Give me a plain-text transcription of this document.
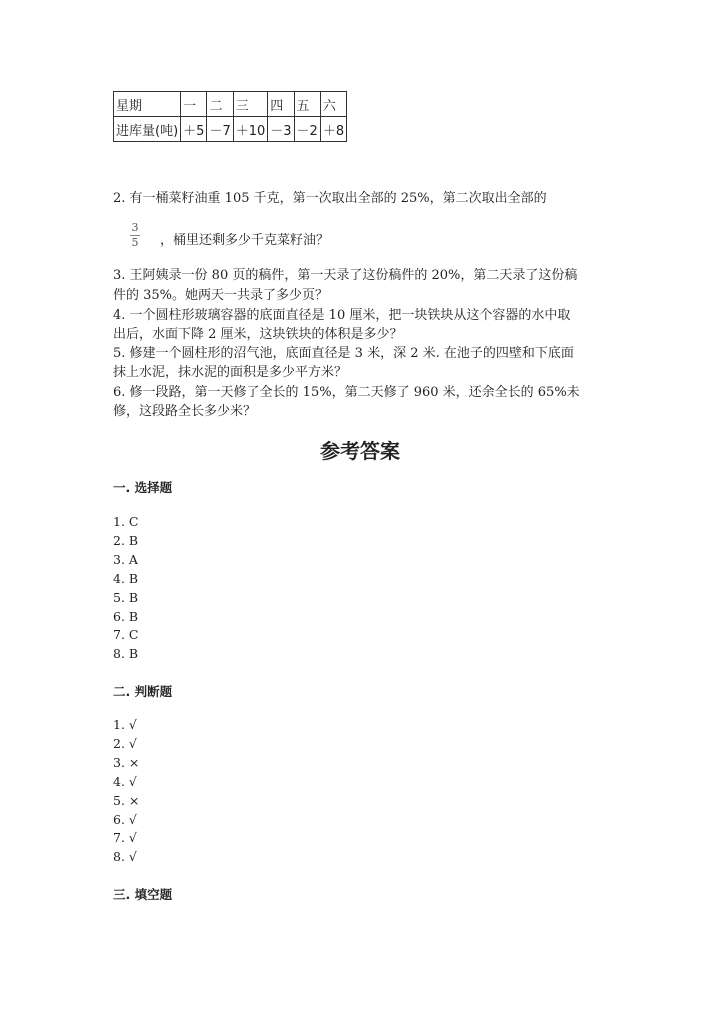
星期	一	二	三	四	五	六
进库量(吨)	＋5	－7	＋10	－3	－2	＋8
2. 有一桶菜籽油重 105 千克，第一次取出全部的 25%，第二次取出全部的
3
5 ，桶里还剩多少千克菜籽油？
3. 王阿姨录一份 80 页的稿件，第一天录了这份稿件的 20%，第二天录了这份稿
件的 35%。她两天一共录了多少页？
4. 一个圆柱形玻璃容器的底面直径是 10 厘米，把一块铁块从这个容器的水中取
出后，水面下降 2 厘米，这块铁块的体积是多少？
5. 修建一个圆柱形的沼气池，底面直径是 3 米，深 2 米. 在池子的四壁和下底面
抹上水泥，抹水泥的面积是多少平方米？
6. 修一段路，第一天修了全长的 15%，第二天修了 960 米，还余全长的 65%未
修，这段路全长多少米？
参考答案
一. 选择题
1. C
2. B
3. A
4. B
5. B
6. B
7. C
8. B
二. 判断题
1. √
2. √
3. ×
4. √
5. ×
6. √
7. √
8. √
三. 填空题
